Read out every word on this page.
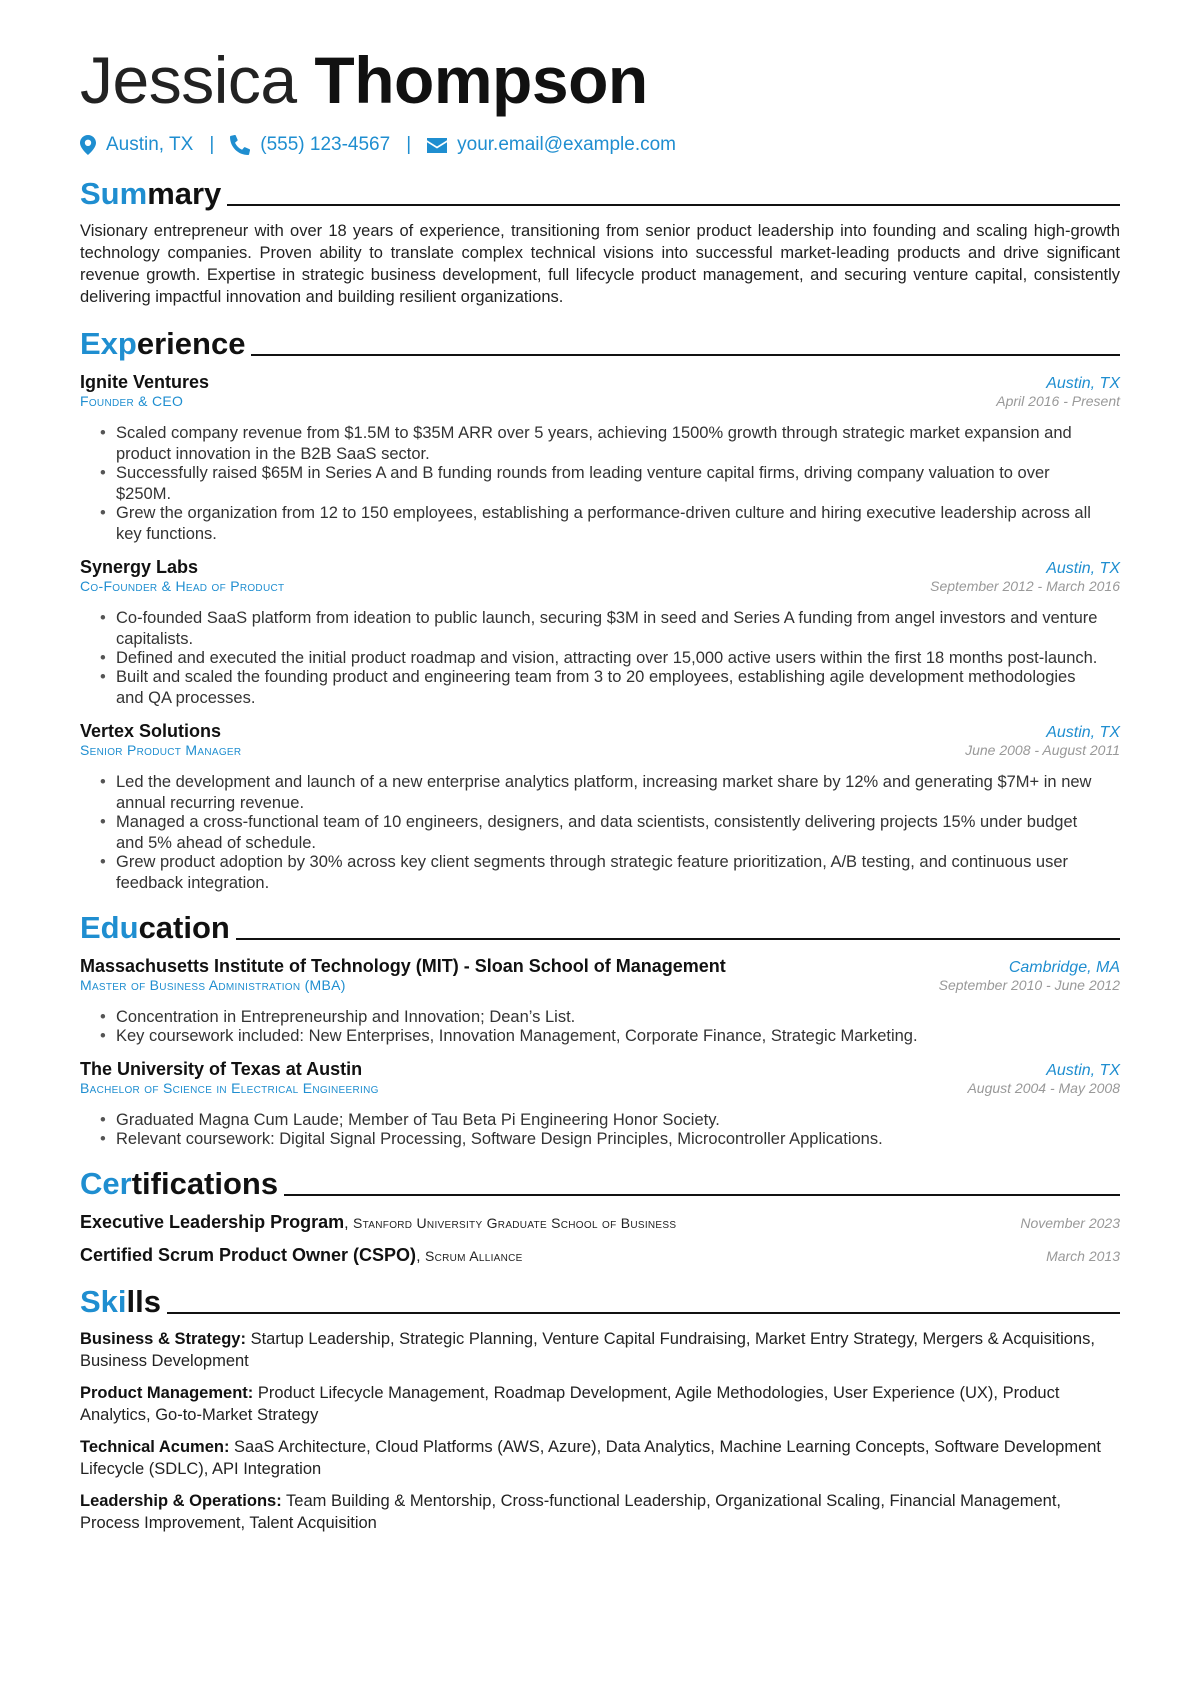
Jessica Thompson
Austin, TX | (555) 123-4567 | your.email@example.com
Summary

Visionary entrepreneur with over 18 years of experience, transitioning from senior product leadership into founding and scaling high-growth technology companies. Proven ability to translate complex technical visions into successful market-leading products and drive significant revenue growth. Expertise in strategic business development, full lifecycle product management, and securing venture capital, consistently delivering impactful innovation and building resilient organizations.

Experience
Ignite Ventures	Austin, TX
Founder & CEO	April 2016 - Present
• Scaled company revenue from $1.5M to $35M ARR over 5 years, achieving 1500% growth through strategic market expansion and product innovation in the B2B SaaS sector.
• Successfully raised $65M in Series A and B funding rounds from leading venture capital firms, driving company valuation to over $250M.
• Grew the organization from 12 to 150 employees, establishing a performance-driven culture and hiring executive leadership across all key functions.
Synergy Labs	Austin, TX
Co-Founder & Head of Product	September 2012 - March 2016
• Co-founded SaaS platform from ideation to public launch, securing $3M in seed and Series A funding from angel investors and venture capitalists.
• Defined and executed the initial product roadmap and vision, attracting over 15,000 active users within the first 18 months post-launch.
• Built and scaled the founding product and engineering team from 3 to 20 employees, establishing agile development methodologies and QA processes.
Vertex Solutions	Austin, TX
Senior Product Manager	June 2008 - August 2011
• Led the development and launch of a new enterprise analytics platform, increasing market share by 12% and generating $7M+ in new annual recurring revenue.
• Managed a cross-functional team of 10 engineers, designers, and data scientists, consistently delivering projects 15% under budget and 5% ahead of schedule.
• Grew product adoption by 30% across key client segments through strategic feature prioritization, A/B testing, and continuous user feedback integration.
Education
Massachusetts Institute of Technology (MIT) - Sloan School of Management	Cambridge, MA
Master of Business Administration (MBA)	September 2010 - June 2012
• Concentration in Entrepreneurship and Innovation; Dean’s List.
• Key coursework included: New Enterprises, Innovation Management, Corporate Finance, Strategic Marketing.
The University of Texas at Austin	Austin, TX
Bachelor of Science in Electrical Engineering	August 2004 - May 2008
• Graduated Magna Cum Laude; Member of Tau Beta Pi Engineering Honor Society.
• Relevant coursework: Digital Signal Processing, Software Design Principles, Microcontroller Applications.
Certifications
Executive Leadership Program, Stanford University Graduate School of Business	November 2023
Certified Scrum Product Owner (CSPO), Scrum Alliance	March 2013
Skills
Business & Strategy: Startup Leadership, Strategic Planning, Venture Capital Fundraising, Market Entry Strategy, Mergers & Acquisitions, Business Development
Product Management: Product Lifecycle Management, Roadmap Development, Agile Methodologies, User Experience (UX), Product Analytics, Go-to-Market Strategy
Technical Acumen: SaaS Architecture, Cloud Platforms (AWS, Azure), Data Analytics, Machine Learning Concepts, Software Development Lifecycle (SDLC), API Integration
Leadership & Operations: Team Building & Mentorship, Cross-functional Leadership, Organizational Scaling, Financial Management, Process Improvement, Talent Acquisition
